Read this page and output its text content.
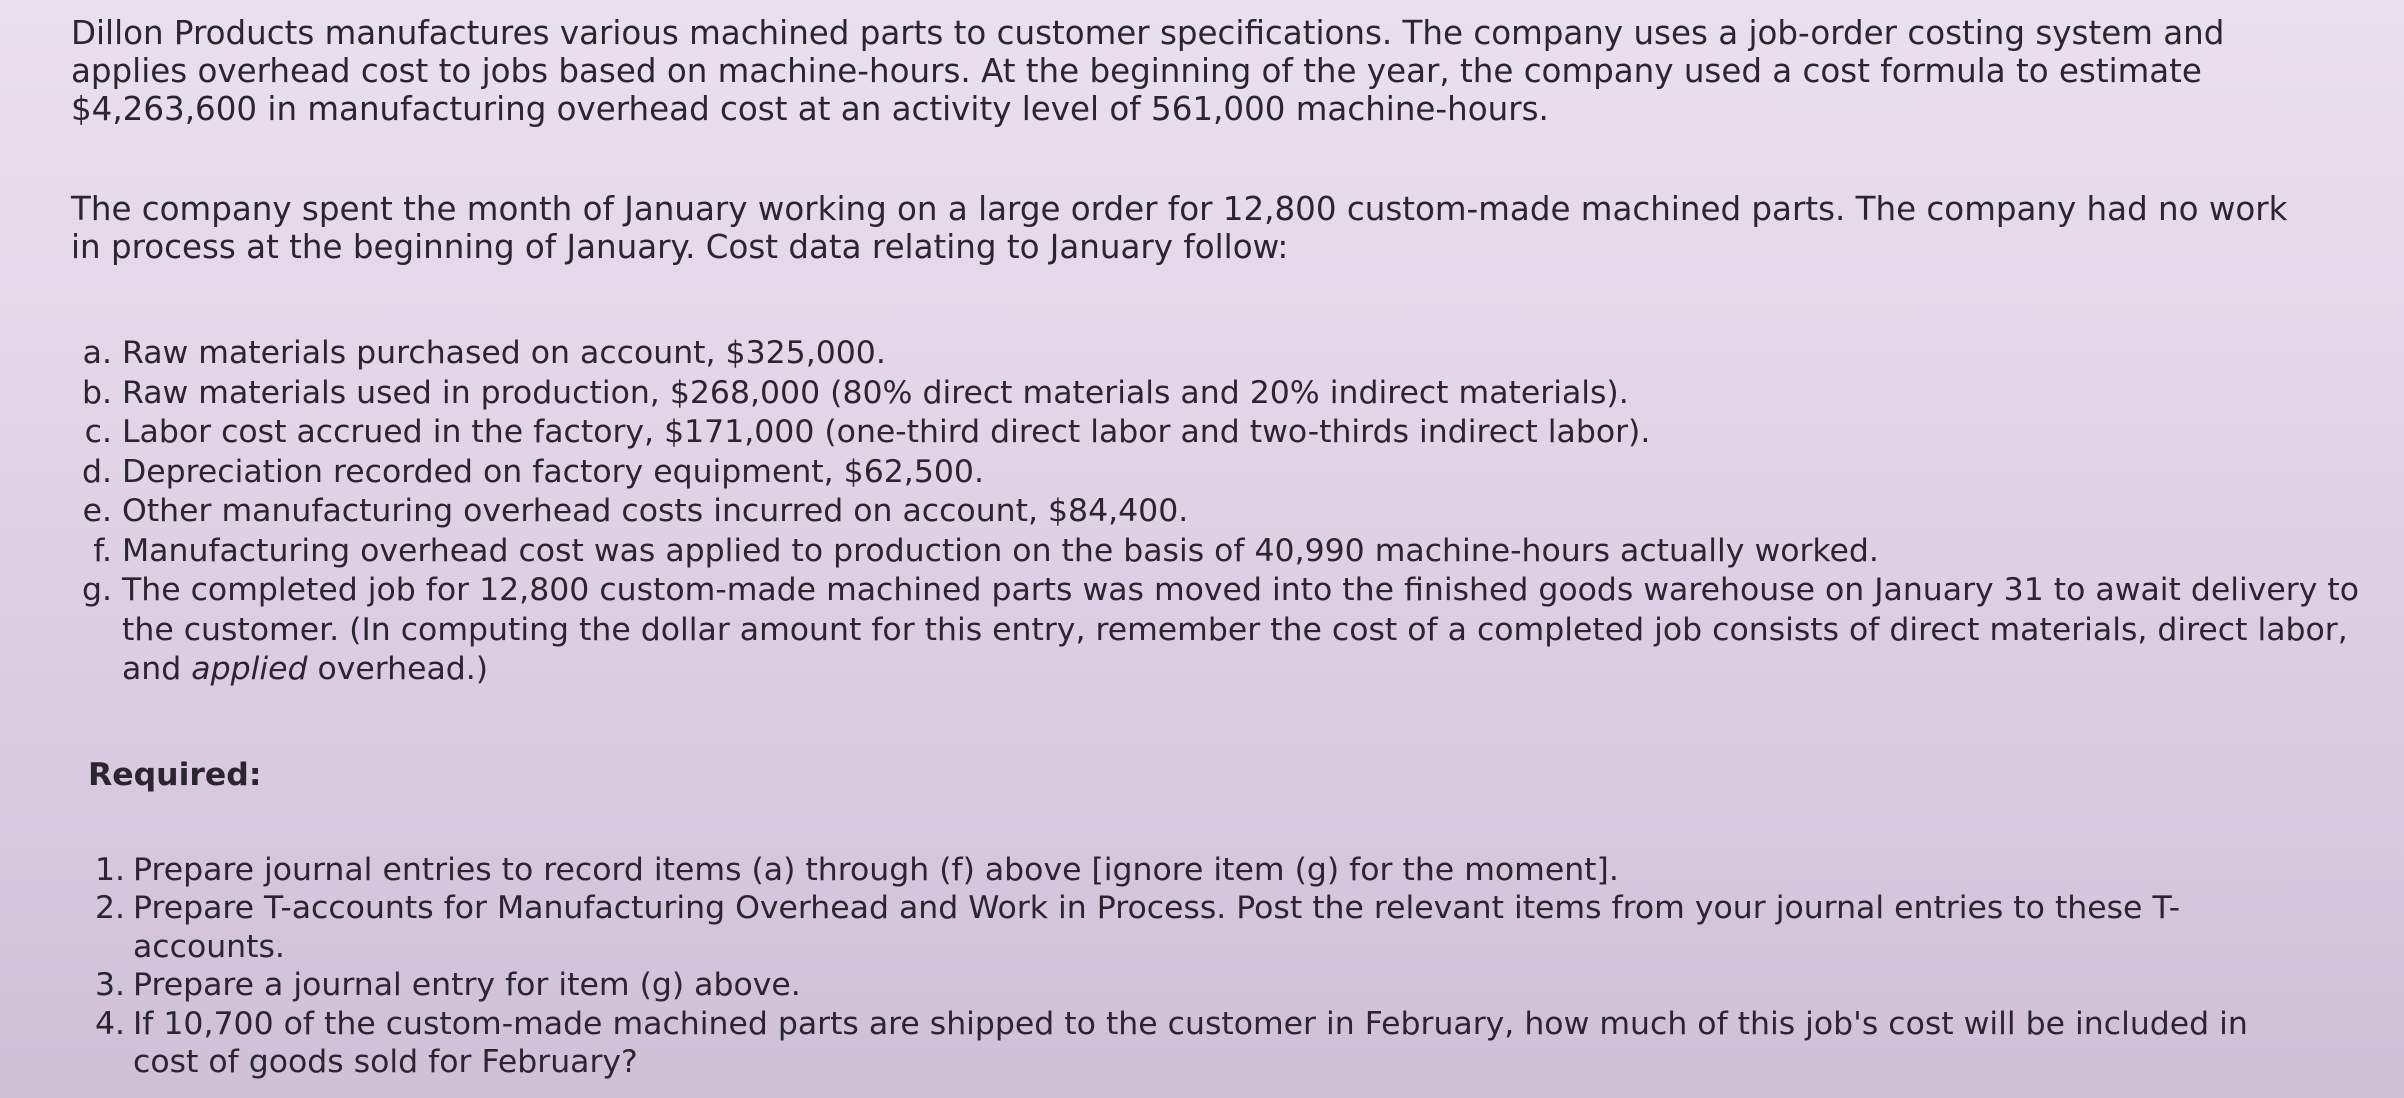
Dillon Products manufactures various machined parts to customer specifications. The company uses a job-order costing system and applies overhead cost to jobs based on machine-hours. At the beginning of the year, the company used a cost formula to estimate $4,263,600 in manufacturing overhead cost at an activity level of 561,000 machine-hours.

The company spent the month of January working on a large order for 12,800 custom-made machined parts. The company had no work in process at the beginning of January. Cost data relating to January follow:

a. Raw materials purchased on account, $325,000.
b. Raw materials used in production, $268,000 (80% direct materials and 20% indirect materials).
c. Labor cost accrued in the factory, $171,000 (one-third direct labor and two-thirds indirect labor).
d. Depreciation recorded on factory equipment, $62,500.
e. Other manufacturing overhead costs incurred on account, $84,400.
f. Manufacturing overhead cost was applied to production on the basis of 40,990 machine-hours actually worked.
g. The completed job for 12,800 custom-made machined parts was moved into the finished goods warehouse on January 31 to await delivery to the customer. (In computing the dollar amount for this entry, remember the cost of a completed job consists of direct materials, direct labor, and applied overhead.)
Required:
1. Prepare journal entries to record items (a) through (f) above [ignore item (g) for the moment].
2. Prepare T-accounts for Manufacturing Overhead and Work in Process. Post the relevant items from your journal entries to these T-accounts.
3. Prepare a journal entry for item (g) above.
4. If 10,700 of the custom-made machined parts are shipped to the customer in February, how much of this job's cost will be included in cost of goods sold for February?
